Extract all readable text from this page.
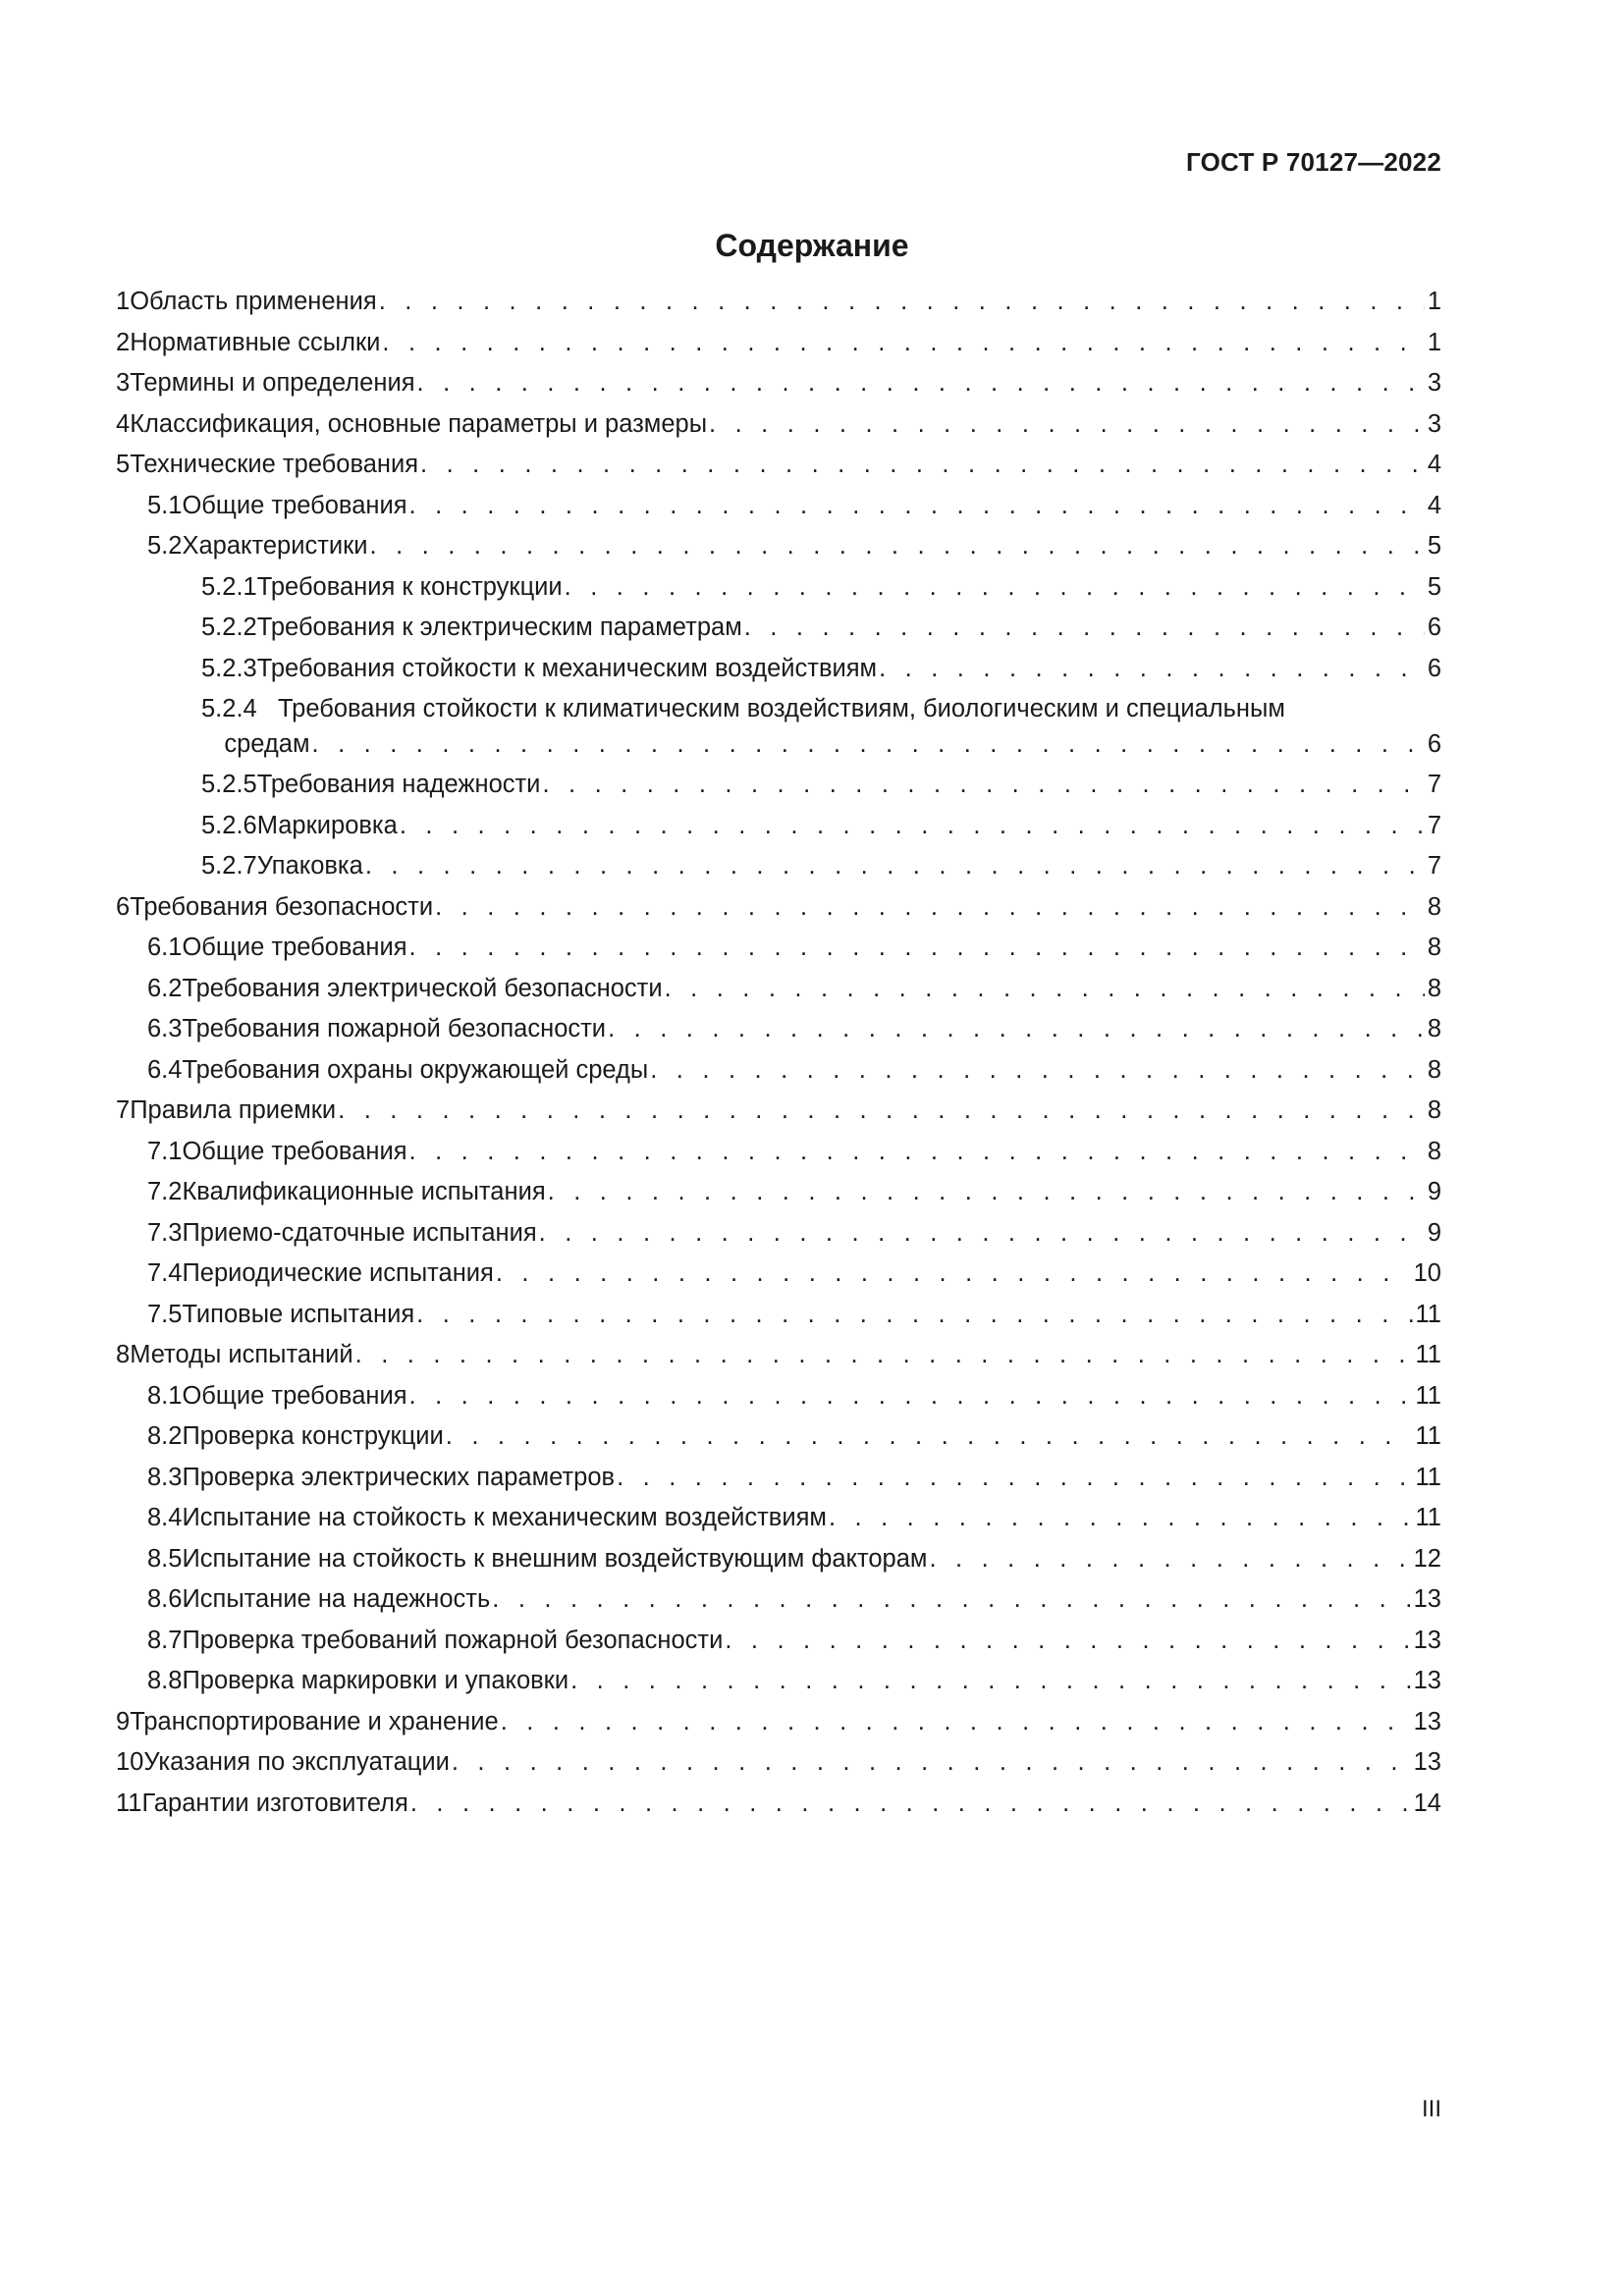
ГОСТ Р 70127—2022
Содержание
1 Область применения . . .	1
2 Нормативные ссылки . . .	1
3 Термины и определения . . .	3
4 Классификация, основные параметры и размеры . . .	3
5 Технические требования . . .	4
5.1 Общие требования . . .	4
5.2 Характеристики . . .	5
5.2.1 Требования к конструкции . . .	5
5.2.2 Требования к электрическим параметрам . . .	6
5.2.3 Требования стойкости к механическим воздействиям . . .	6
5.2.4 Требования стойкости к климатическим воздействиям, биологическим и специальным
средам . . .	6
5.2.5 Требования надежности . . .	7
5.2.6 Маркировка . . .	7
5.2.7 Упаковка . . .	7
6 Требования безопасности . . .	8
6.1 Общие требования . . .	8
6.2 Требования электрической безопасности . . .	8
6.3 Требования пожарной безопасности . . .	8
6.4 Требования охраны окружающей среды . . .	8
7 Правила приемки . . .	8
7.1 Общие требования . . .	8
7.2 Квалификационные испытания . . .	9
7.3 Приемо-сдаточные испытания . . .	9
7.4 Периодические испытания . . .	10
7.5 Типовые испытания . . .	11
8 Методы испытаний . . .	11
8.1 Общие требования . . .	11
8.2 Проверка конструкции . . .	11
8.3 Проверка электрических параметров . . .	11
8.4 Испытание на стойкость к механическим воздействиям . . .	11
8.5 Испытание на стойкость к внешним воздействующим факторам . . .	12
8.6 Испытание на надежность . . .	13
8.7 Проверка требований пожарной безопасности . . .	13
8.8 Проверка маркировки и упаковки . . .	13
9 Транспортирование и хранение . . .	13
10 Указания по эксплуатации . . .	13
11 Гарантии изготовителя . . .	14
III
